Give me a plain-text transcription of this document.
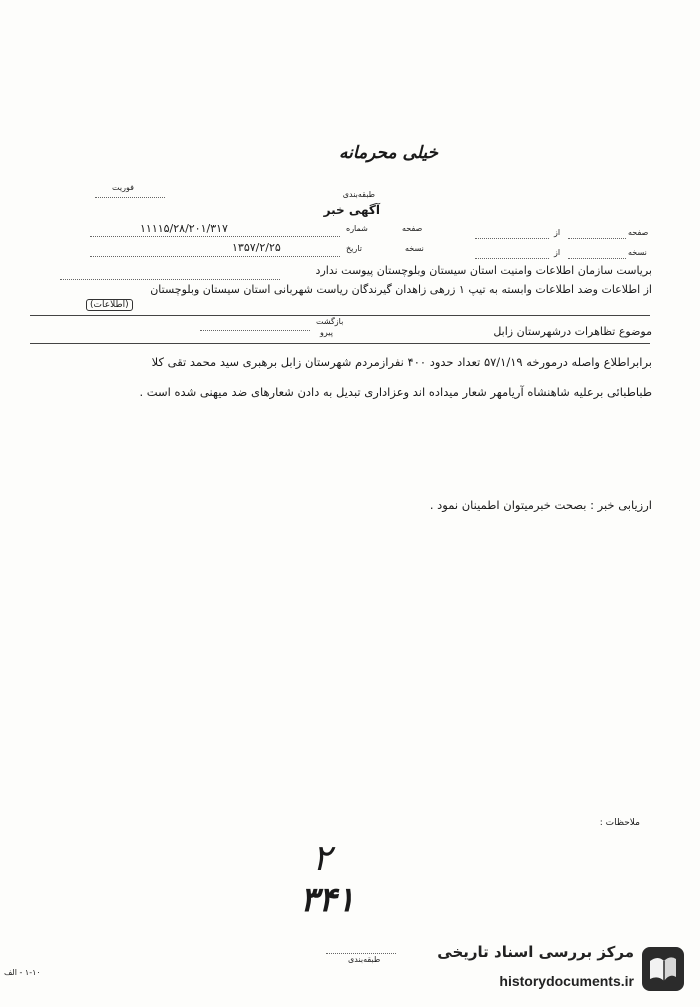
خیلی محرمانه
فوریت
طبقه‌بندی
آگهی خبر
صفحه
از
صفحه
شماره
۱۱۱۱۵/۲۸/۲۰۱/۳۱۷
نسخه
از
نسخه
تاریخ
۱۳۵۷/۲/۲۵
بریاست سازمان اطلاعات وامنیت استان سیستان وبلوچستان پیوست ندارد
از اطلاعات وضد اطلاعات وابسته به تیپ ۱ زرهی زاهدان گیرندگان ریاست شهربانی استان سیستان وبلوچستان
(اطلاعات)
بازگشت
پیرو	موضوع تظاهرات درشهرستان زابل
برابراطلاع واصله درمورخه ۵۷/۱/۱۹ تعداد حدود ۴۰۰ نفرازمردم شهرستان زابل برهبری سید محمد تقی کلا
طباطبائی برعلیه شاهنشاه آریامهر شعار میداده اند وعزاداری تبدیل به دادن شعارهای ضد میهنی شده است .
ارزیابی خبر : بصحت خبرمیتوان اطمینان نمود .
ملاحظات :
۲
۳۴۱
طبقه‌بندی
۱-۱۰ - الف
مرکز بررسی اسناد تاریخی
historydocuments.ir
